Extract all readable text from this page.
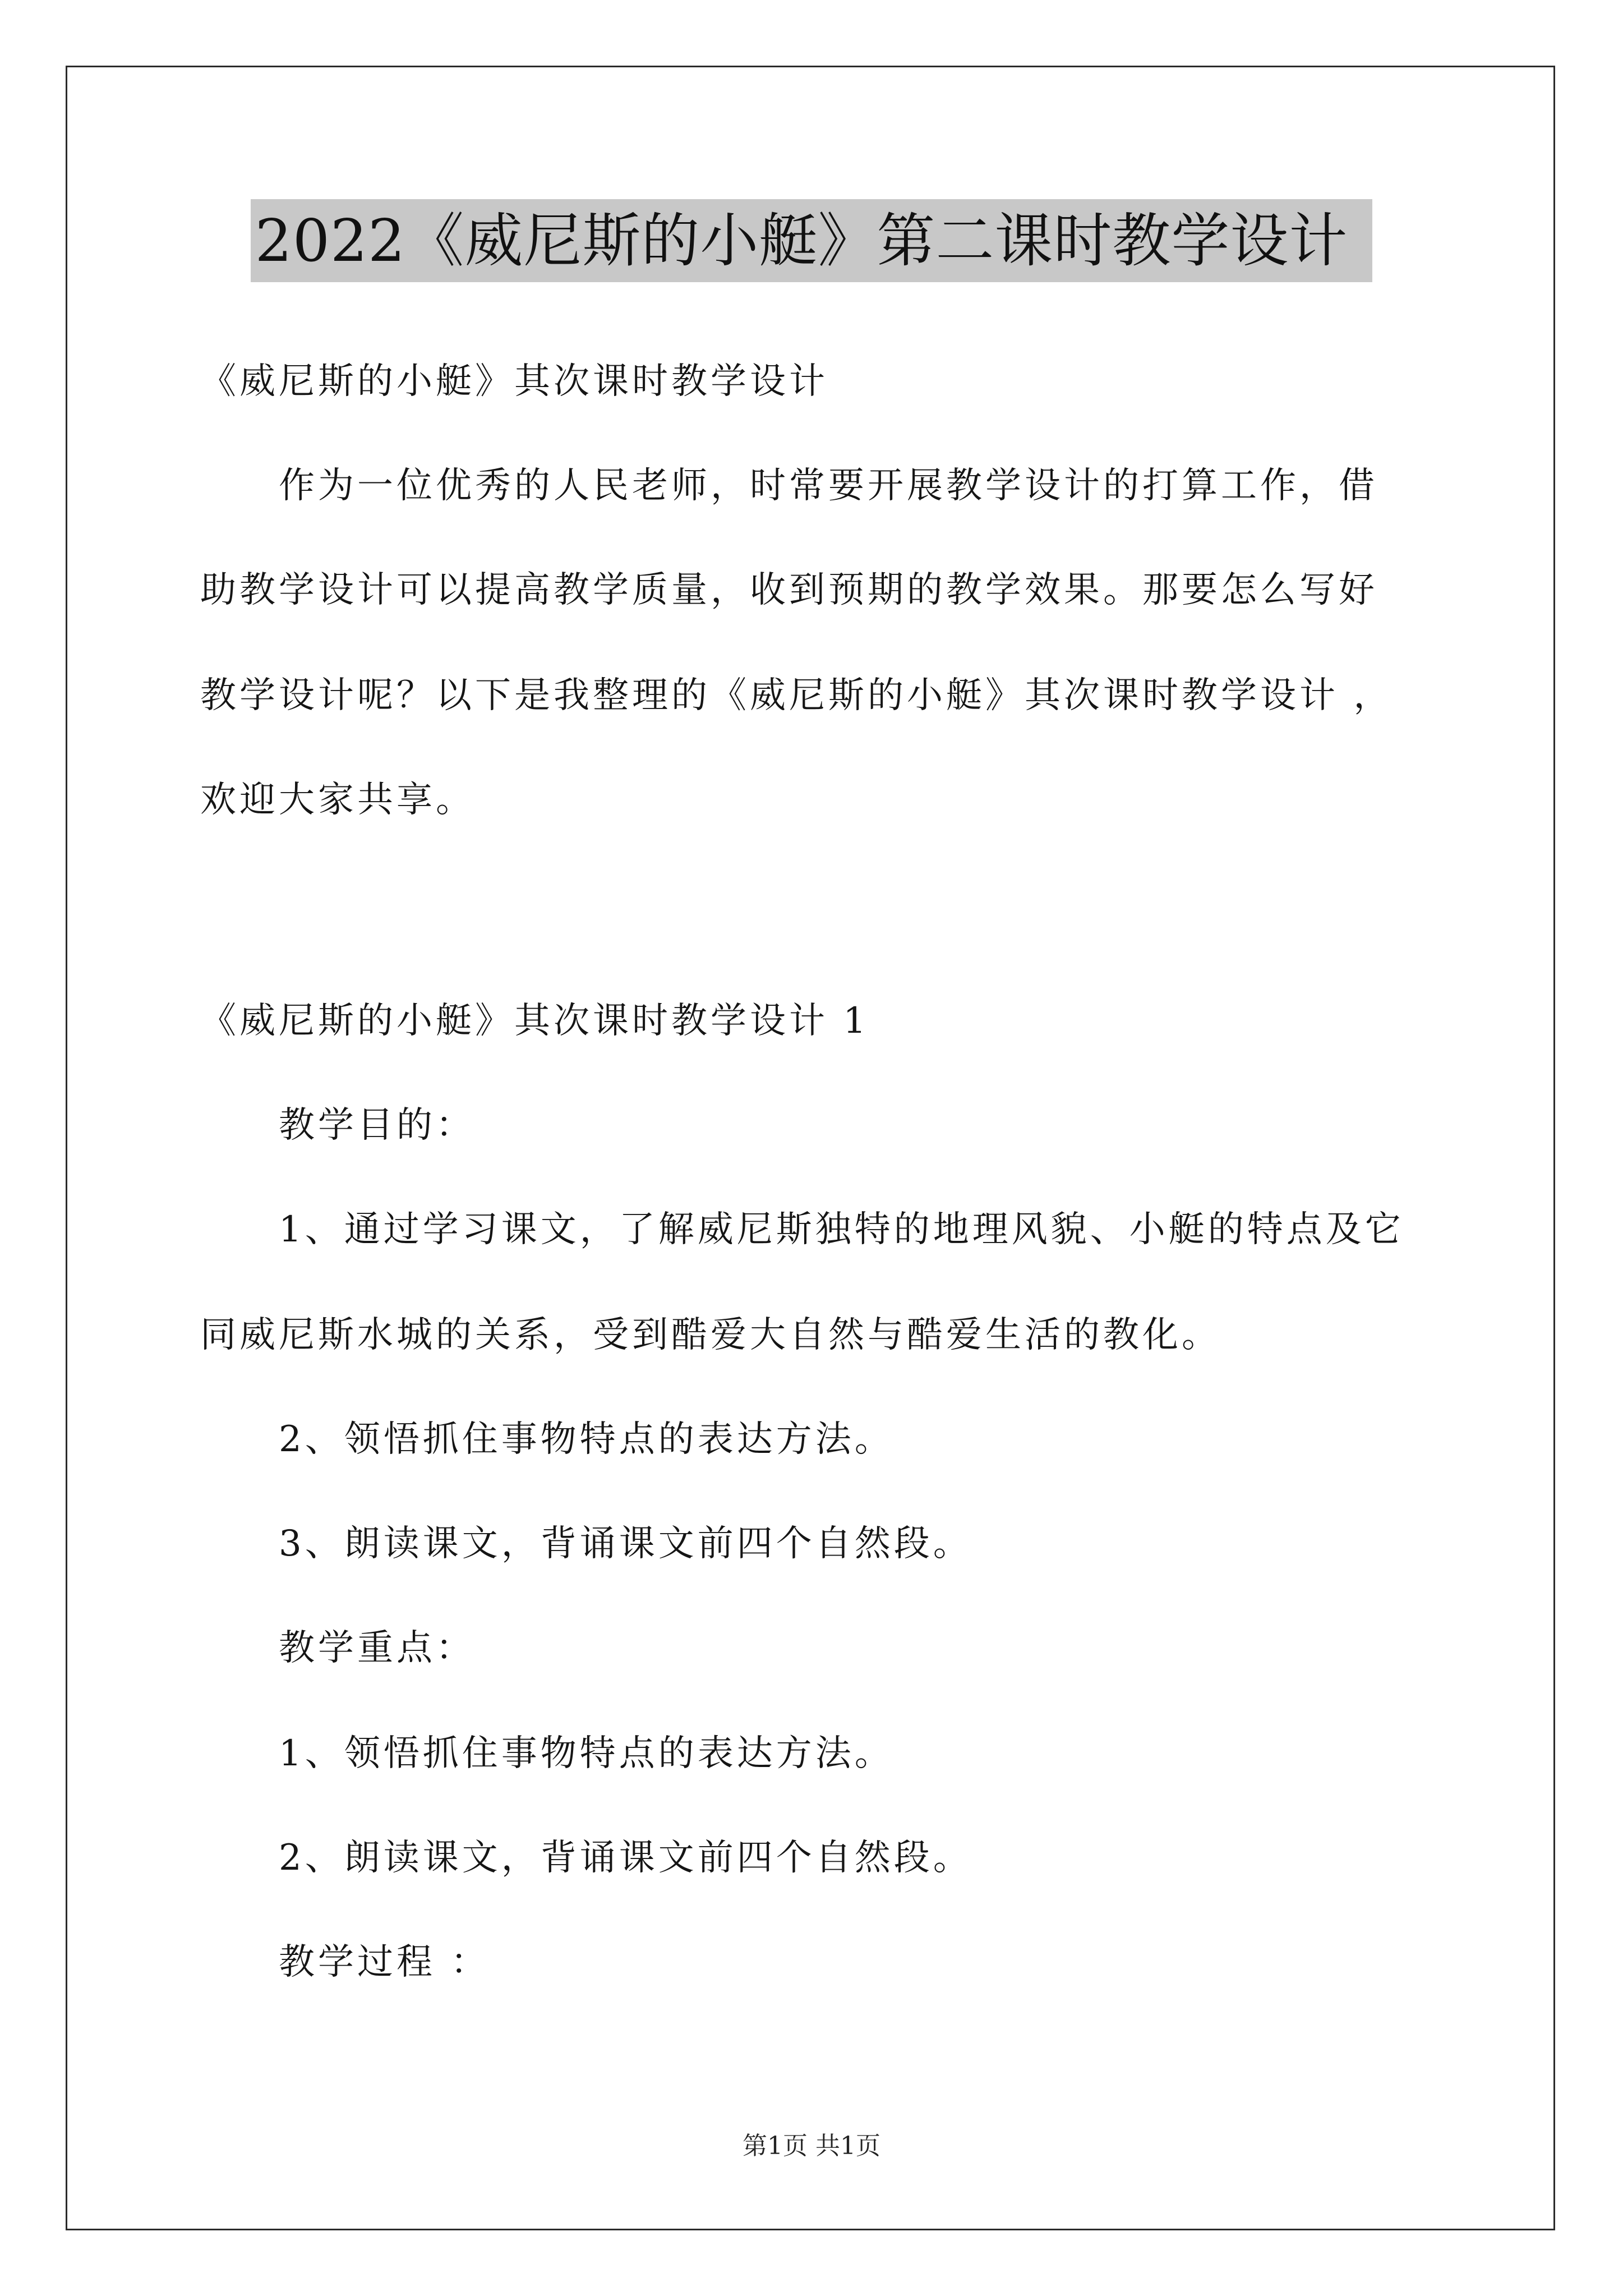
2022《威尼斯的小艇》第二课时教学设计
《威尼斯的小艇》其次课时教学设计
作为一位优秀的人民老师，时常要开展教学设计的打算工作，借
助教学设计可以提高教学质量，收到预期的教学效果。那要怎么写好
教学设计呢？以下是我整理的《威尼斯的小艇》其次课时教学设计 ，
欢迎大家共享。
《威尼斯的小艇》其次课时教学设计 1
教学目的：
1、通过学习课文，了解威尼斯独特的地理风貌、小艇的特点及它
同威尼斯水城的关系，受到酷爱大自然与酷爱生活的教化。
2、领悟抓住事物特点的表达方法。
3、朗读课文，背诵课文前四个自然段。
教学重点：
1、领悟抓住事物特点的表达方法。
2、朗读课文，背诵课文前四个自然段。
教学过程 ：
第1页 共1页
